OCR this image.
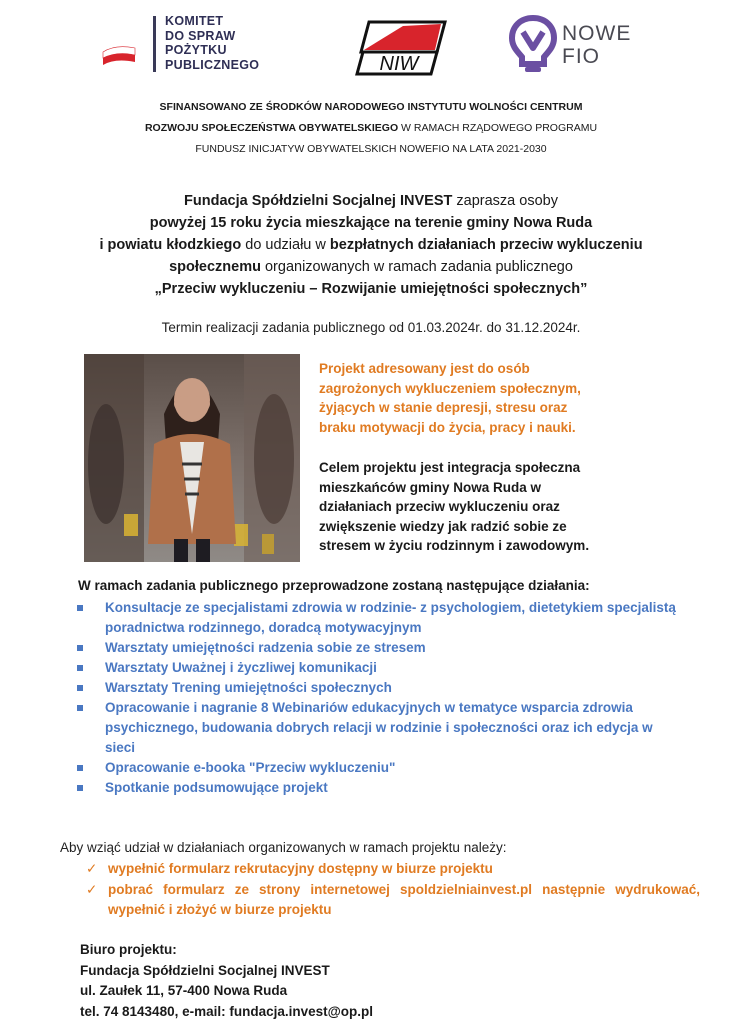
KOMITET
DO SPRAW
POŻYTKU
PUBLICZNEGO	NIW
NOWE
FIO
SFINANSOWANO ZE ŚRODKÓW NARODOWEGO INSTYTUTU WOLNOŚCI CENTRUM
ROZWOJU SPOŁECZEŃSTWA OBYWATELSKIEGO W RAMACH RZĄDOWEGO PROGRAMU
FUNDUSZ INICJATYW OBYWATELSKICH NOWEFIO NA LATA 2021-2030
Fundacja Spółdzielni Socjalnej INVEST zaprasza osoby
powyżej 15 roku życia mieszkające na terenie gminy Nowa Ruda
i powiatu kłodzkiego do udziału w bezpłatnych działaniach przeciw wykluczeniu
społecznemu organizowanych w ramach zadania publicznego
„Przeciw wykluczeniu – Rozwijanie umiejętności społecznych”
Termin realizacji zadania publicznego od 01.03.2024r. do 31.12.2024r.
Projekt adresowany jest do osób
zagrożonych wykluczeniem społecznym,
żyjących w stanie depresji, stresu oraz
braku motywacji do życia, pracy i nauki.
Celem projektu jest integracja społeczna
mieszkańców gminy Nowa Ruda w
działaniach przeciw wykluczeniu oraz
zwiększenie wiedzy jak radzić sobie ze
stresem w życiu rodzinnym i zawodowym.
W ramach zadania publicznego przeprowadzone zostaną następujące działania:
Konsultacje ze specjalistami zdrowia w rodzinie- z psychologiem, dietetykiem specjalistą poradnictwa rodzinnego, doradcą motywacyjnym
Warsztaty umiejętności radzenia sobie ze stresem
Warsztaty Uważnej i życzliwej komunikacji
Warsztaty Trening umiejętności społecznych
Opracowanie i nagranie 8 Webinariów edukacyjnych w tematyce wsparcia zdrowia psychicznego, budowania dobrych relacji w rodzinie i społeczności oraz ich edycja w sieci
Opracowanie e-booka "Przeciw wykluczeniu"
Spotkanie podsumowujące projekt
Aby wziąć udział w działaniach organizowanych w ramach projektu należy:
✓ wypełnić formularz rekrutacyjny dostępny w biurze projektu
✓ pobrać formularz ze strony internetowej spoldzielniainvest.pl następnie wydrukować, wypełnić i złożyć w biurze projektu
Biuro projektu:
Fundacja Spółdzielni Socjalnej INVEST
ul. Zaułek 11, 57-400 Nowa Ruda
tel. 74 8143480, e-mail: fundacja.invest@op.pl
